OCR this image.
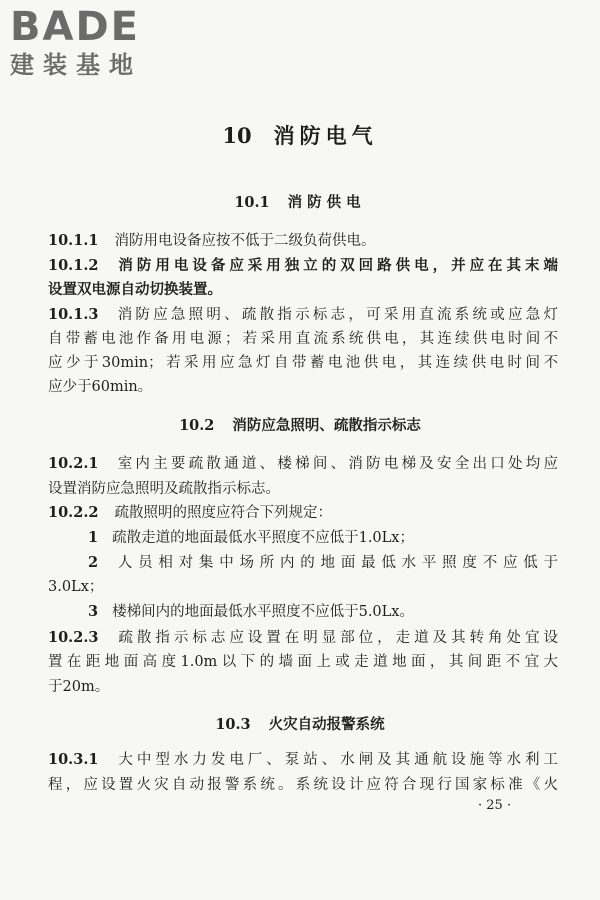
BADE
建装基地
10 消防电气
10.1 消防供电
10.1.1 消防用电设备应按不低于二级负荷供电。
10.1.2 消防用电设备应采用独立的双回路供电，并应在其末端
设置双电源自动切换装置。
10.1.3 消防应急照明、疏散指示标志，可采用直流系统或应急灯
自带蓄电池作备用电源；若采用直流系统供电，其连续供电时间不
应少于30min；若采用应急灯自带蓄电池供电，其连续供电时间不
应少于60min。
10.2 消防应急照明、疏散指示标志
10.2.1 室内主要疏散通道、楼梯间、消防电梯及安全出口处均应
设置消防应急照明及疏散指示标志。
10.2.2 疏散照明的照度应符合下列规定：
1 疏散走道的地面最低水平照度不应低于1.0Lx；
2 人员相对集中场所内的地面最低水平照度不应低于
3.0Lx；
3 楼梯间内的地面最低水平照度不应低于5.0Lx。
10.2.3 疏散指示标志应设置在明显部位，走道及其转角处宜设
置在距地面高度1.0m以下的墙面上或走道地面，其间距不宜大
于20m。
10.3 火灾自动报警系统
10.3.1 大中型水力发电厂、泵站、水闸及其通航设施等水利工
程，应设置火灾自动报警系统。系统设计应符合现行国家标准《火
· 25 ·
